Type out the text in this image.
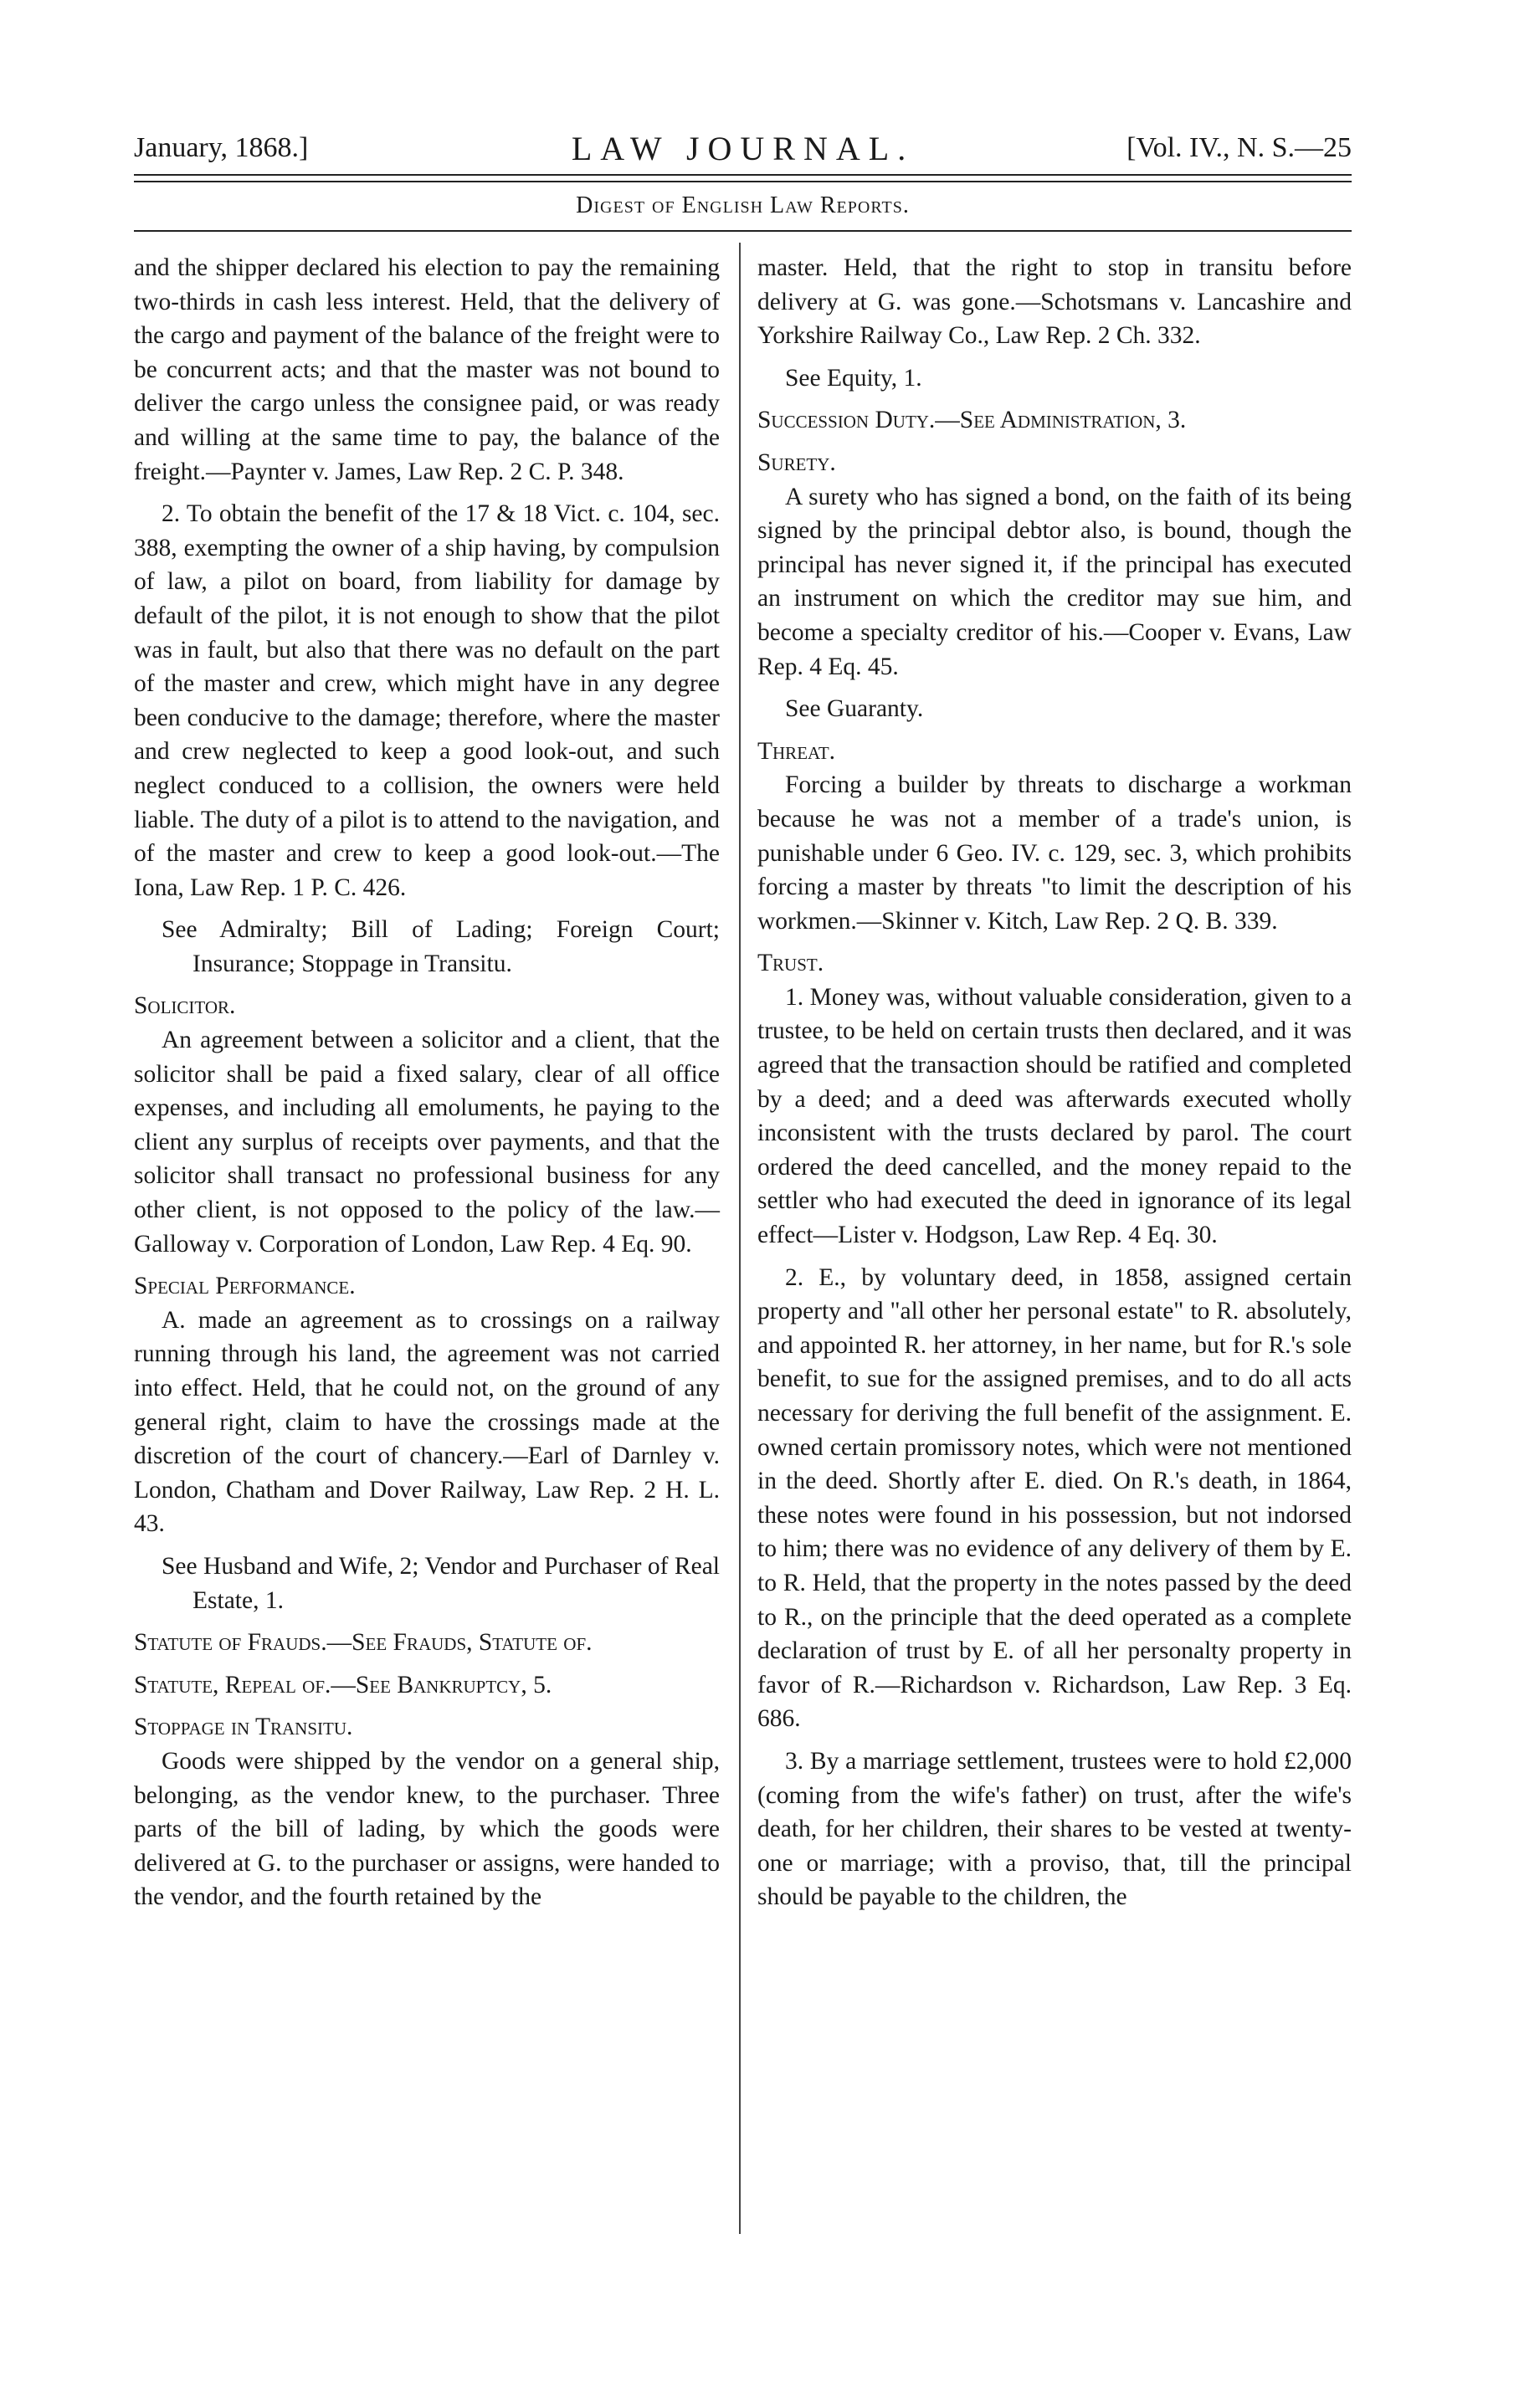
January, 1868.]	LAW JOURNAL.	[Vol. IV., N. S.—25
Digest of English Law Reports.

and the shipper declared his election to pay the remaining two-thirds in cash less interest. Held, that the delivery of the cargo and payment of the balance of the freight were to be concurrent acts; and that the master was not bound to deliver the cargo unless the consignee paid, or was ready and willing at the same time to pay, the balance of the freight.—Paynter v. James, Law Rep. 2 C. P. 348.

2. To obtain the benefit of the 17 & 18 Vict. c. 104, sec. 388, exempting the owner of a ship having, by compulsion of law, a pilot on board, from liability for damage by default of the pilot, it is not enough to show that the pilot was in fault, but also that there was no default on the part of the master and crew, which might have in any degree been conducive to the damage; therefore, where the master and crew neglected to keep a good look-out, and such neglect conduced to a collision, the owners were held liable. The duty of a pilot is to attend to the navigation, and of the master and crew to keep a good look-out.—The Iona, Law Rep. 1 P. C. 426.

See Admiralty; Bill of Lading; Foreign Court; Insurance; Stoppage in Transitu.

Solicitor.

An agreement between a solicitor and a client, that the solicitor shall be paid a fixed salary, clear of all office expenses, and including all emoluments, he paying to the client any surplus of receipts over payments, and that the solicitor shall transact no professional business for any other client, is not opposed to the policy of the law.—Galloway v. Corporation of London, Law Rep. 4 Eq. 90.

Special Performance.

A. made an agreement as to crossings on a railway running through his land, the agreement was not carried into effect. Held, that he could not, on the ground of any general right, claim to have the crossings made at the discretion of the court of chancery.—Earl of Darnley v. London, Chatham and Dover Railway, Law Rep. 2 H. L. 43.

See Husband and Wife, 2; Vendor and Purchaser of Real Estate, 1.

Statute of Frauds.—See Frauds, Statute of.

Statute, Repeal of.—See Bankruptcy, 5.

Stoppage in Transitu.

Goods were shipped by the vendor on a general ship, belonging, as the vendor knew, to the purchaser. Three parts of the bill of lading, by which the goods were delivered at G. to the purchaser or assigns, were handed to the vendor, and the fourth retained by the

master. Held, that the right to stop in transitu before delivery at G. was gone.—Schotsmans v. Lancashire and Yorkshire Railway Co., Law Rep. 2 Ch. 332.

See Equity, 1.

Succession Duty.—See Administration, 3.

Surety.

A surety who has signed a bond, on the faith of its being signed by the principal debtor also, is bound, though the principal has never signed it, if the principal has executed an instrument on which the creditor may sue him, and become a specialty creditor of his.—Cooper v. Evans, Law Rep. 4 Eq. 45.

See Guaranty.

Threat.

Forcing a builder by threats to discharge a workman because he was not a member of a trade's union, is punishable under 6 Geo. IV. c. 129, sec. 3, which prohibits forcing a master by threats "to limit the description of his workmen.—Skinner v. Kitch, Law Rep. 2 Q. B. 339.

Trust.

1. Money was, without valuable consideration, given to a trustee, to be held on certain trusts then declared, and it was agreed that the transaction should be ratified and completed by a deed; and a deed was afterwards executed wholly inconsistent with the trusts declared by parol. The court ordered the deed cancelled, and the money repaid to the settler who had executed the deed in ignorance of its legal effect—Lister v. Hodgson, Law Rep. 4 Eq. 30.

2. E., by voluntary deed, in 1858, assigned certain property and "all other her personal estate" to R. absolutely, and appointed R. her attorney, in her name, but for R.'s sole benefit, to sue for the assigned premises, and to do all acts necessary for deriving the full benefit of the assignment. E. owned certain promissory notes, which were not mentioned in the deed. Shortly after E. died. On R.'s death, in 1864, these notes were found in his possession, but not indorsed to him; there was no evidence of any delivery of them by E. to R. Held, that the property in the notes passed by the deed to R., on the principle that the deed operated as a complete declaration of trust by E. of all her personalty property in favor of R.—Richardson v. Richardson, Law Rep. 3 Eq. 686.

3. By a marriage settlement, trustees were to hold £2,000 (coming from the wife's father) on trust, after the wife's death, for her children, their shares to be vested at twenty-one or marriage; with a proviso, that, till the principal should be payable to the children, the
